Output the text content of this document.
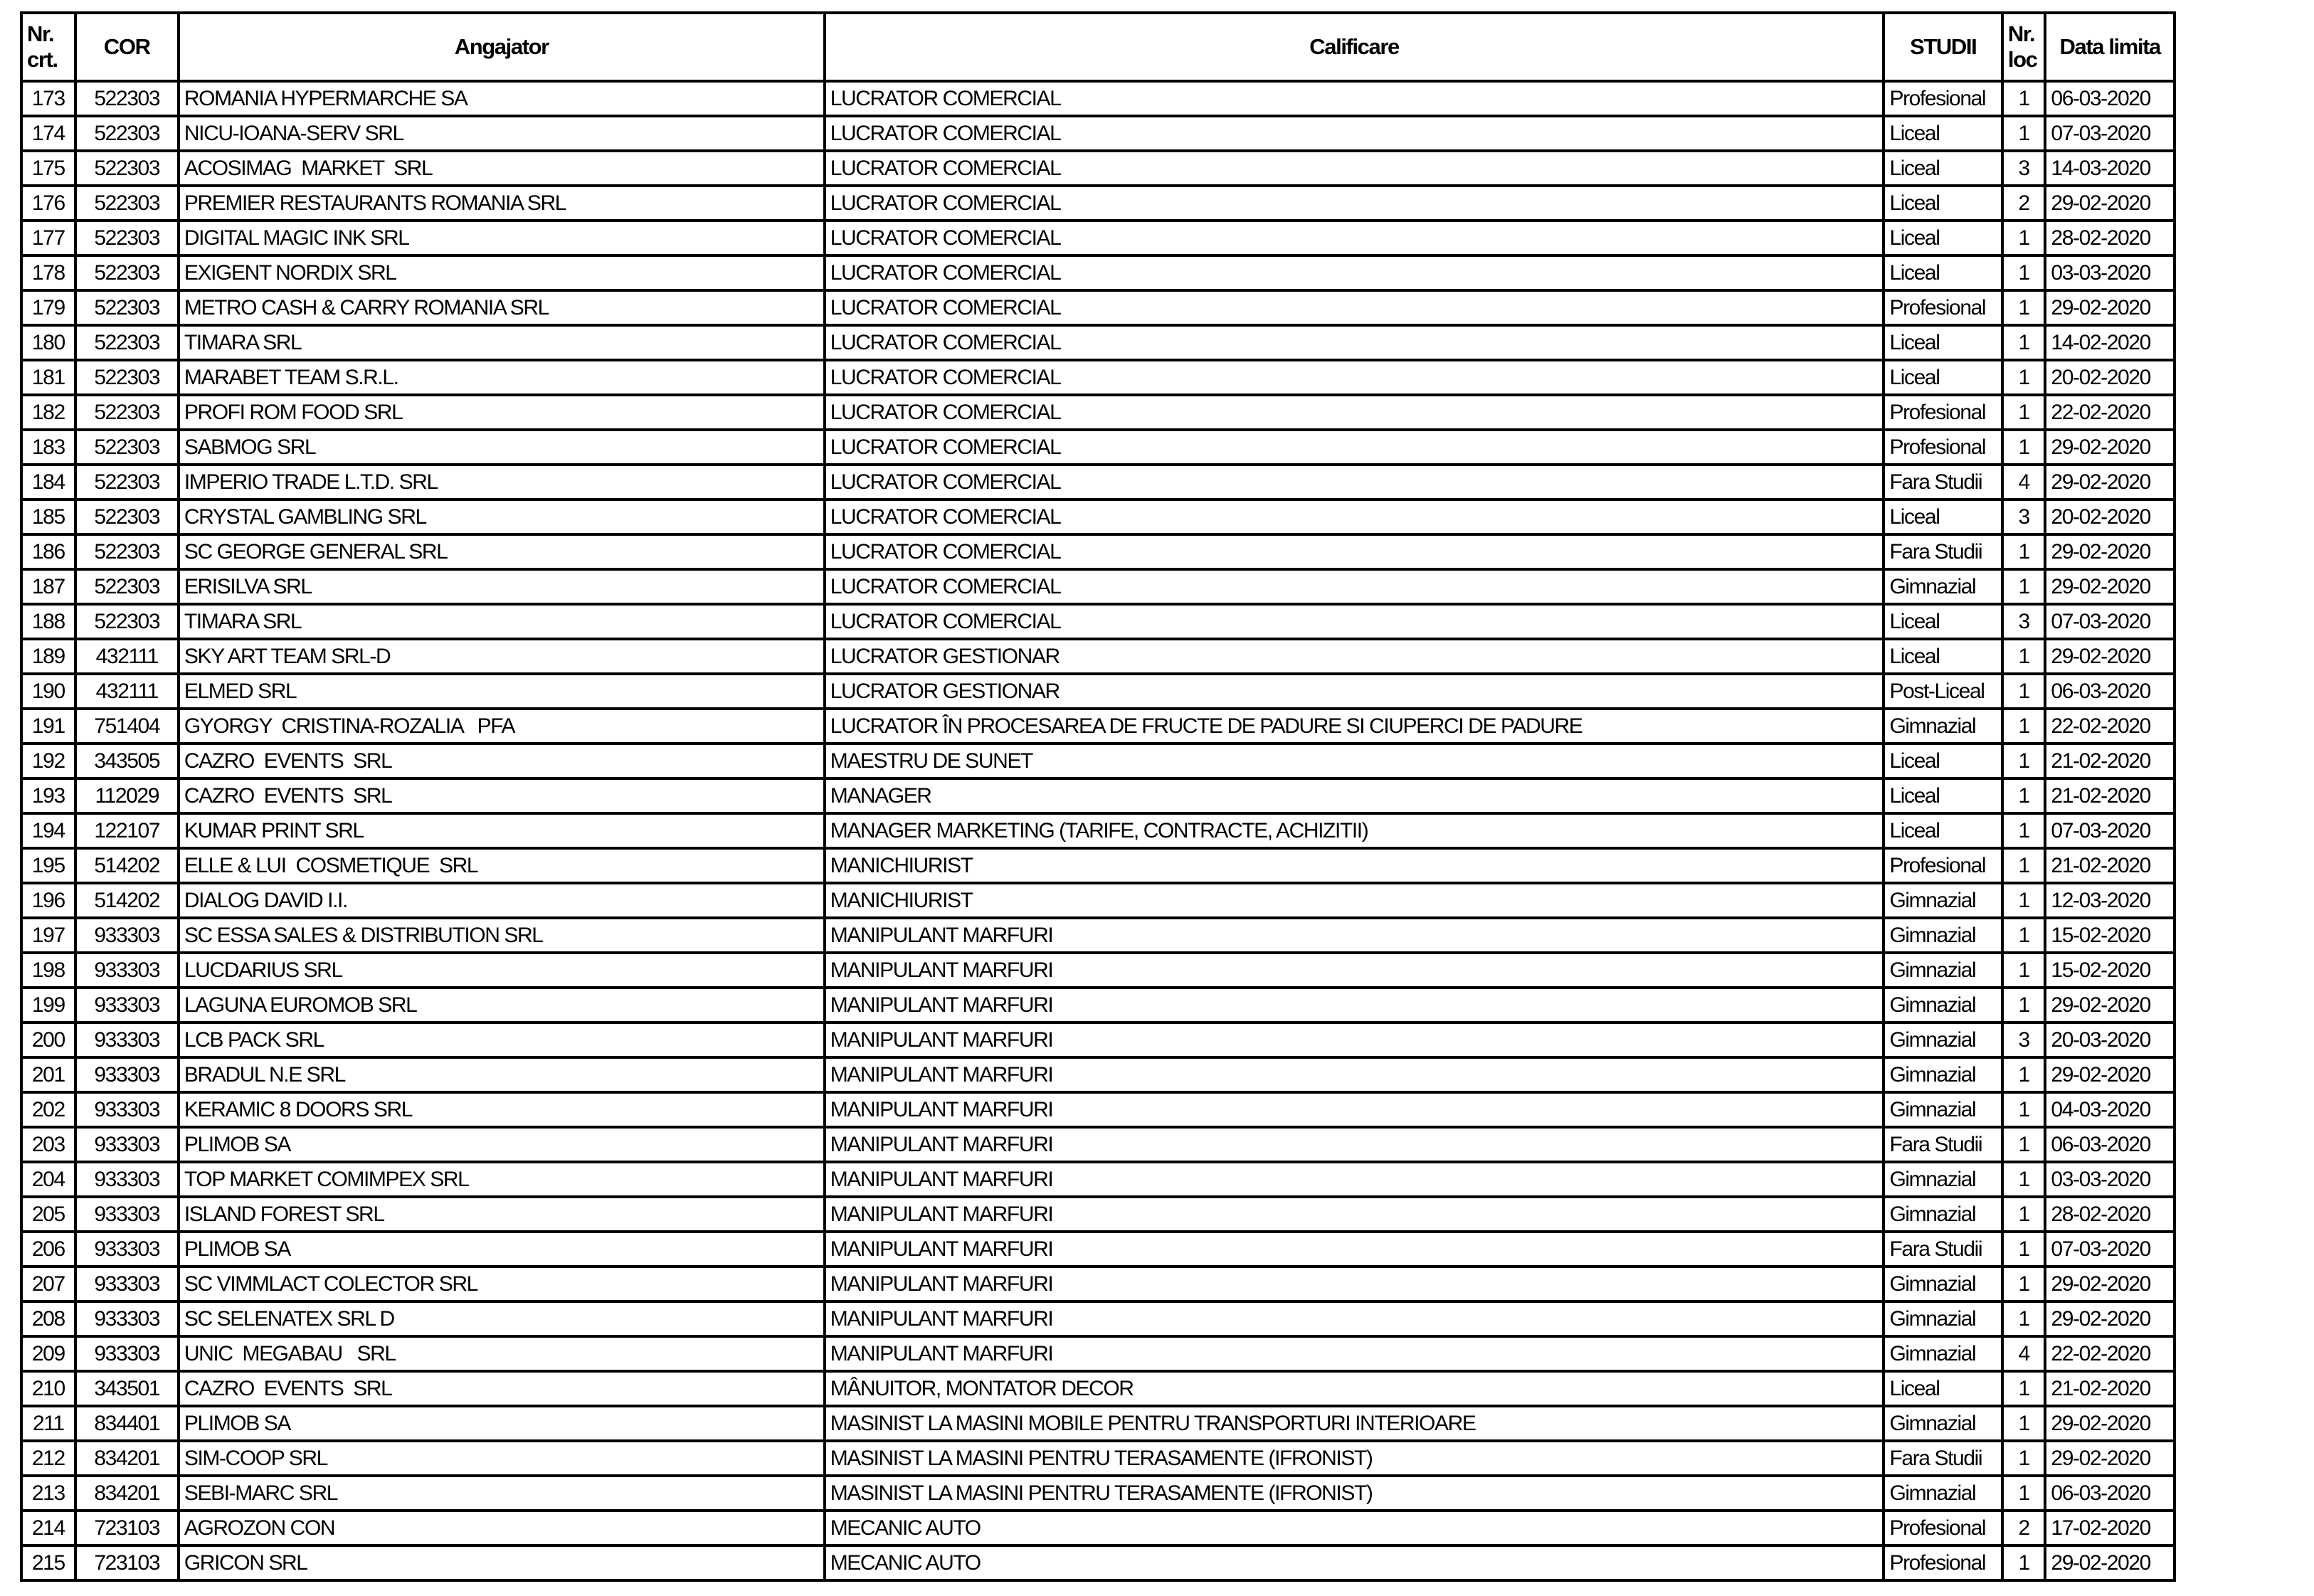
Nr.
crt.	COR	Angajator	Calificare	STUDII	Nr.
loc	Data limita
173	522303	ROMANIA HYPERMARCHE SA	LUCRATOR COMERCIAL	Profesional	1	06-03-2020
174	522303	NICU-IOANA-SERV SRL	LUCRATOR COMERCIAL	Liceal	1	07-03-2020
175	522303	ACOSIMAG  MARKET  SRL	LUCRATOR COMERCIAL	Liceal	3	14-03-2020
176	522303	PREMIER RESTAURANTS ROMANIA SRL	LUCRATOR COMERCIAL	Liceal	2	29-02-2020
177	522303	DIGITAL MAGIC INK SRL	LUCRATOR COMERCIAL	Liceal	1	28-02-2020
178	522303	EXIGENT NORDIX SRL	LUCRATOR COMERCIAL	Liceal	1	03-03-2020
179	522303	METRO CASH & CARRY ROMANIA SRL	LUCRATOR COMERCIAL	Profesional	1	29-02-2020
180	522303	TIMARA SRL	LUCRATOR COMERCIAL	Liceal	1	14-02-2020
181	522303	MARABET TEAM S.R.L.	LUCRATOR COMERCIAL	Liceal	1	20-02-2020
182	522303	PROFI ROM FOOD SRL	LUCRATOR COMERCIAL	Profesional	1	22-02-2020
183	522303	SABMOG SRL	LUCRATOR COMERCIAL	Profesional	1	29-02-2020
184	522303	IMPERIO TRADE L.T.D. SRL	LUCRATOR COMERCIAL	Fara Studii	4	29-02-2020
185	522303	CRYSTAL GAMBLING SRL	LUCRATOR COMERCIAL	Liceal	3	20-02-2020
186	522303	SC GEORGE GENERAL SRL	LUCRATOR COMERCIAL	Fara Studii	1	29-02-2020
187	522303	ERISILVA SRL	LUCRATOR COMERCIAL	Gimnazial	1	29-02-2020
188	522303	TIMARA SRL	LUCRATOR COMERCIAL	Liceal	3	07-03-2020
189	432111	SKY ART TEAM SRL-D	LUCRATOR GESTIONAR	Liceal	1	29-02-2020
190	432111	ELMED SRL	LUCRATOR GESTIONAR	Post-Liceal	1	06-03-2020
191	751404	GYORGY  CRISTINA-ROZALIA   PFA	LUCRATOR ÎN PROCESAREA DE FRUCTE DE PADURE SI CIUPERCI DE PADURE	Gimnazial	1	22-02-2020
192	343505	CAZRO  EVENTS  SRL	MAESTRU DE SUNET	Liceal	1	21-02-2020
193	112029	CAZRO  EVENTS  SRL	MANAGER	Liceal	1	21-02-2020
194	122107	KUMAR PRINT SRL	MANAGER MARKETING (TARIFE, CONTRACTE, ACHIZITII)	Liceal	1	07-03-2020
195	514202	ELLE & LUI  COSMETIQUE  SRL	MANICHIURIST	Profesional	1	21-02-2020
196	514202	DIALOG DAVID I.I.	MANICHIURIST	Gimnazial	1	12-03-2020
197	933303	SC ESSA SALES & DISTRIBUTION SRL	MANIPULANT MARFURI	Gimnazial	1	15-02-2020
198	933303	LUCDARIUS SRL	MANIPULANT MARFURI	Gimnazial	1	15-02-2020
199	933303	LAGUNA EUROMOB SRL	MANIPULANT MARFURI	Gimnazial	1	29-02-2020
200	933303	LCB PACK SRL	MANIPULANT MARFURI	Gimnazial	3	20-03-2020
201	933303	BRADUL N.E SRL	MANIPULANT MARFURI	Gimnazial	1	29-02-2020
202	933303	KERAMIC 8 DOORS SRL	MANIPULANT MARFURI	Gimnazial	1	04-03-2020
203	933303	PLIMOB SA	MANIPULANT MARFURI	Fara Studii	1	06-03-2020
204	933303	TOP MARKET COMIMPEX SRL	MANIPULANT MARFURI	Gimnazial	1	03-03-2020
205	933303	ISLAND FOREST SRL	MANIPULANT MARFURI	Gimnazial	1	28-02-2020
206	933303	PLIMOB SA	MANIPULANT MARFURI	Fara Studii	1	07-03-2020
207	933303	SC VIMMLACT COLECTOR SRL	MANIPULANT MARFURI	Gimnazial	1	29-02-2020
208	933303	SC SELENATEX SRL D	MANIPULANT MARFURI	Gimnazial	1	29-02-2020
209	933303	UNIC  MEGABAU   SRL	MANIPULANT MARFURI	Gimnazial	4	22-02-2020
210	343501	CAZRO  EVENTS  SRL	MÂNUITOR, MONTATOR DECOR	Liceal	1	21-02-2020
211	834401	PLIMOB SA	MASINIST LA MASINI MOBILE PENTRU TRANSPORTURI INTERIOARE	Gimnazial	1	29-02-2020
212	834201	SIM-COOP SRL	MASINIST LA MASINI PENTRU TERASAMENTE (IFRONIST)	Fara Studii	1	29-02-2020
213	834201	SEBI-MARC SRL	MASINIST LA MASINI PENTRU TERASAMENTE (IFRONIST)	Gimnazial	1	06-03-2020
214	723103	AGROZON CON	MECANIC AUTO	Profesional	2	17-02-2020
215	723103	GRICON SRL	MECANIC AUTO	Profesional	1	29-02-2020
